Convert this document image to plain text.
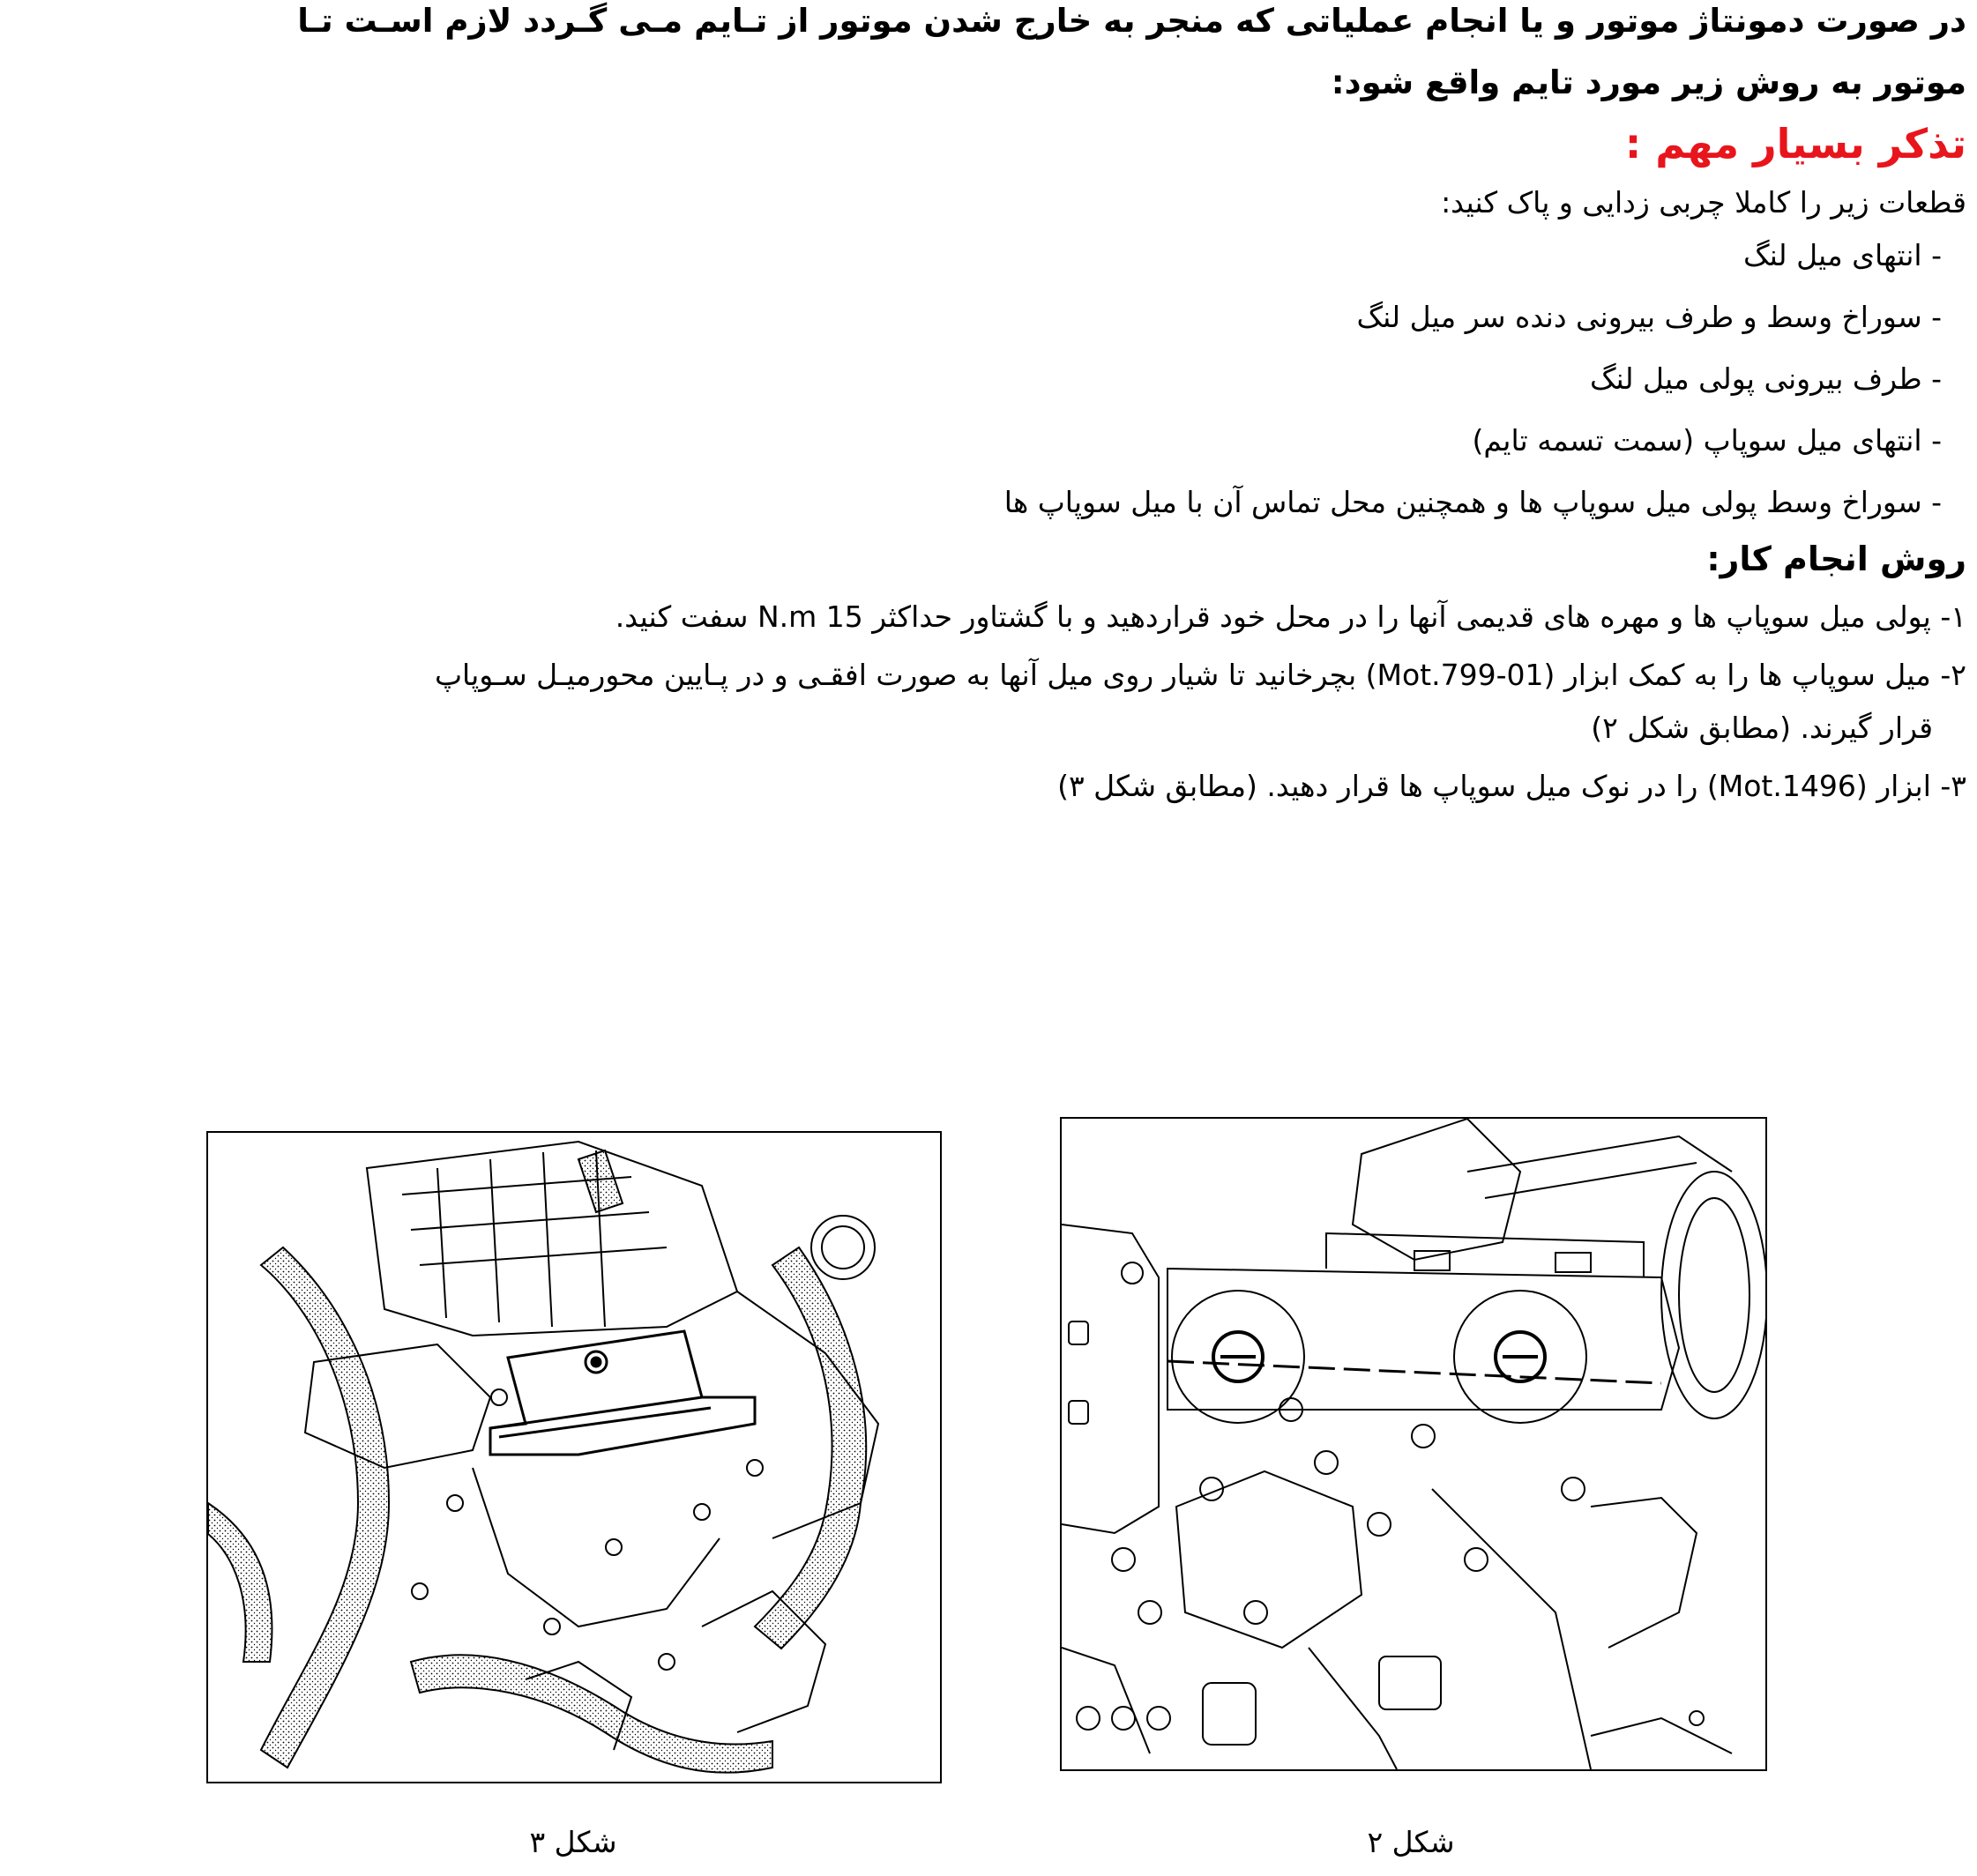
در صورت دمونتاژ موتور و یا انجام عملیاتی که منجر به خارج شدن موتور از تـایم مـی گـردد لازم اسـت تـا
موتور به روش زیر مورد تایم واقع شود:
تذکر بسیار مهم :
قطعات زیر را کاملا چربی زدایی و پاک کنید:
- انتهای میل لنگ
- سوراخ وسط و طرف بیرونی دنده سر میل لنگ
- طرف بیرونی پولی میل لنگ
- انتهای میل سوپاپ (سمت تسمه تایم)
- سوراخ وسط پولی میل سوپاپ ها و همچنین محل تماس آن با میل سوپاپ ها
روش انجام کار:
۱- پولی میل سوپاپ ها و مهره های قدیمی آنها را در محل خود قراردهید و با گشتاور حداکثر 15 N.m سفت کنید.
۲- میل سوپاپ ها را به کمک ابزار (Mot.799-01) بچرخانید تا شیار روی میل آنها به صورت افقـی و در پـایین محورمیـل سـوپاپ
قرار گیرند. (مطابق شکل ۲)
۳- ابزار (Mot.1496) را در نوک میل سوپاپ ها قرار دهید. (مطابق شکل ۳)
شکل ۳	شکل ۲
